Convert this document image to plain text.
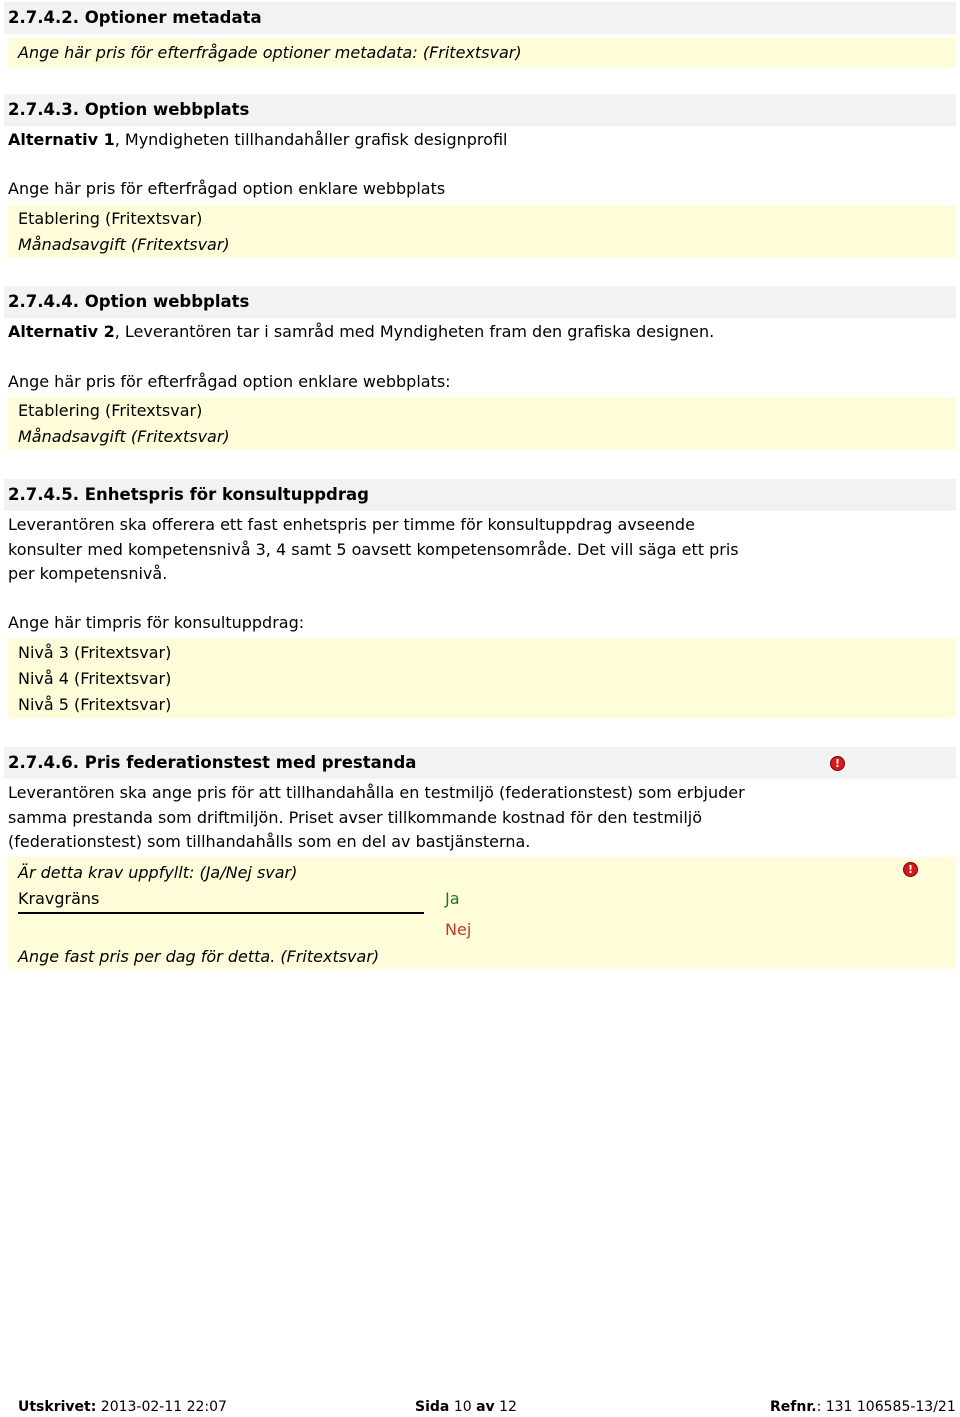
2.7.4.2. Optioner metadata
Ange här pris för efterfrågade optioner metadata: (Fritextsvar)
2.7.4.3. Option webbplats
Alternativ 1, Myndigheten tillhandahåller grafisk designprofil
Ange här pris för efterfrågad option enklare webbplats
Etablering (Fritextsvar)
Månadsavgift (Fritextsvar)
2.7.4.4. Option webbplats
Alternativ 2, Leverantören tar i samråd med Myndigheten fram den grafiska designen.
Ange här pris för efterfrågad option enklare webbplats:
Etablering (Fritextsvar)
Månadsavgift (Fritextsvar)
2.7.4.5. Enhetspris för konsultuppdrag
Leverantören ska offerera ett fast enhetspris per timme för konsultuppdrag avseende
konsulter med kompetensnivå 3, 4 samt 5 oavsett kompetensområde. Det vill säga ett pris
per kompetensnivå.
Ange här timpris för konsultuppdrag:
Nivå 3 (Fritextsvar)
Nivå 4 (Fritextsvar)
Nivå 5 (Fritextsvar)
2.7.4.6. Pris federationstest med prestanda	!
Leverantören ska ange pris för att tillhandahålla en testmiljö (federationstest) som erbjuder
samma prestanda som driftmiljön. Priset avser tillkommande kostnad för den testmiljö
(federationstest) som tillhandahålls som en del av bastjänsterna.
Är detta krav uppfyllt: (Ja/Nej svar)	!
Kravgräns	Ja
Nej
Ange fast pris per dag för detta. (Fritextsvar)
Utskrivet: 2013-02-11 22:07	Sida 10 av 12	Refnr.: 131 106585-13/21
